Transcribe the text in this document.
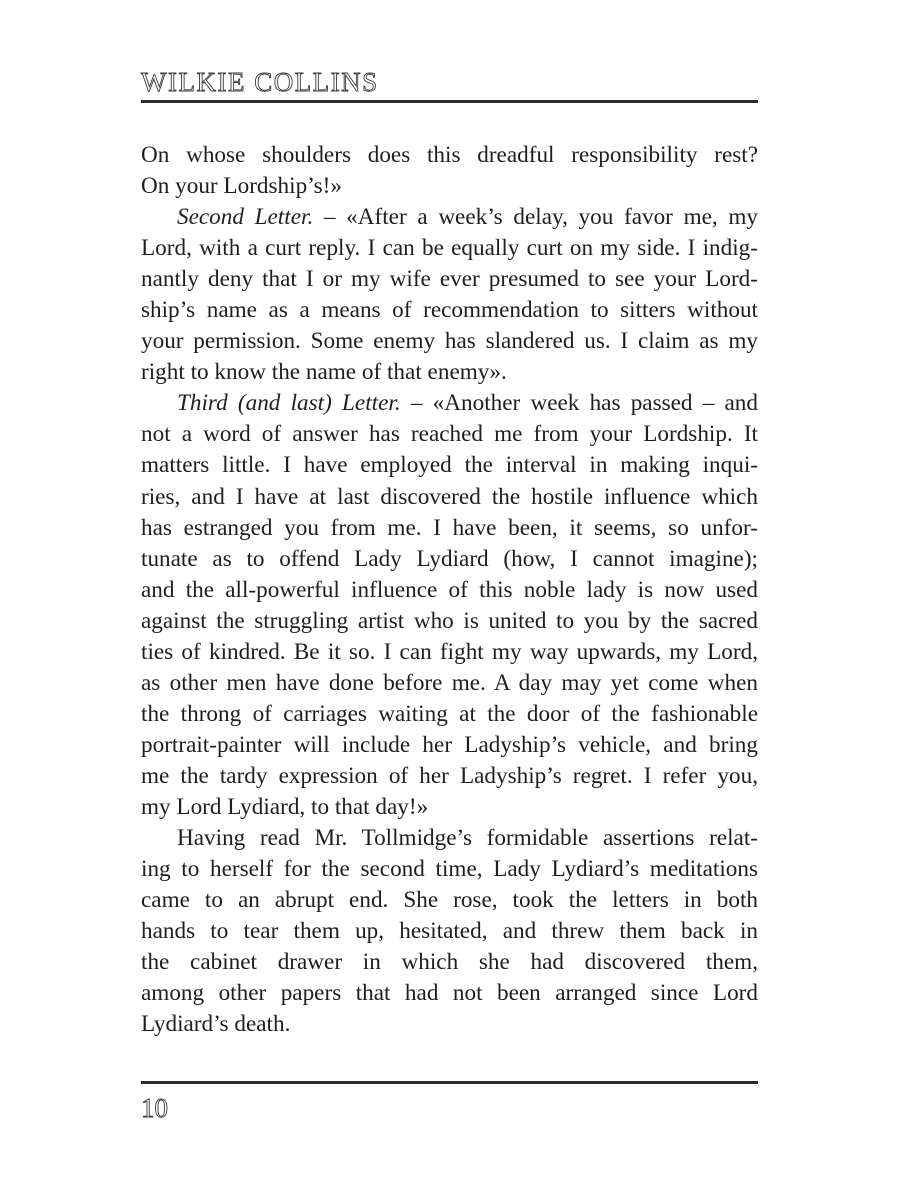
WILKIE COLLINS
On whose shoulders does this dreadful responsibility rest?
On your Lordship’s!»
Second Letter. – «After a week’s delay, you favor me, my
Lord, with a curt reply. I can be equally curt on my side. I indig-
nantly deny that I or my wife ever presumed to see your Lord-
ship’s name as a means of recommendation to sitters without
your permission. Some enemy has slandered us. I claim as my
right to know the name of that enemy».
Third (and last) Letter. – «Another week has passed – and
not a word of answer has reached me from your Lordship. It
matters little. I have employed the interval in making inqui-
ries, and I have at last discovered the hostile influence which
has estranged you from me. I have been, it seems, so unfor-
tunate as to offend Lady Lydiard (how, I cannot imagine);
and the all-powerful influence of this noble lady is now used
against the struggling artist who is united to you by the sacred
ties of kindred. Be it so. I can fight my way upwards, my Lord,
as other men have done before me. A day may yet come when
the throng of carriages waiting at the door of the fashionable
portrait-painter will include her Ladyship’s vehicle, and bring
me the tardy expression of her Ladyship’s regret. I refer you,
my Lord Lydiard, to that day!»
Having read Mr. Tollmidge’s formidable assertions relat-
ing to herself for the second time, Lady Lydiard’s meditations
came to an abrupt end. She rose, took the letters in both
hands to tear them up, hesitated, and threw them back in
the cabinet drawer in which she had discovered them,
among other papers that had not been arranged since Lord
Lydiard’s death.
10
